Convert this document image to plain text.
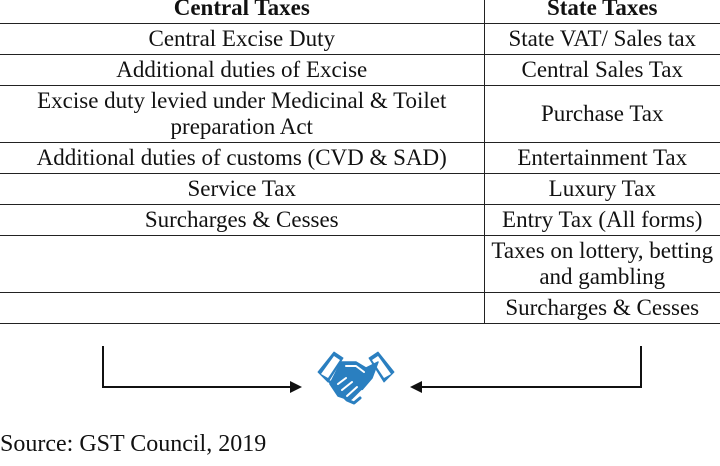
Central Taxes	State Taxes
Central Excise Duty	State VAT/ Sales tax
Additional duties of Excise	Central Sales Tax
Excise duty levied under Medicinal & Toilet preparation Act	Purchase Tax
Additional duties of customs (CVD & SAD)	Entertainment Tax
Service Tax	Luxury Tax
Surcharges & Cesses	Entry Tax (All forms)
	Taxes on lottery, betting and gambling
	Surcharges & Cesses
Source: GST Council, 2019
